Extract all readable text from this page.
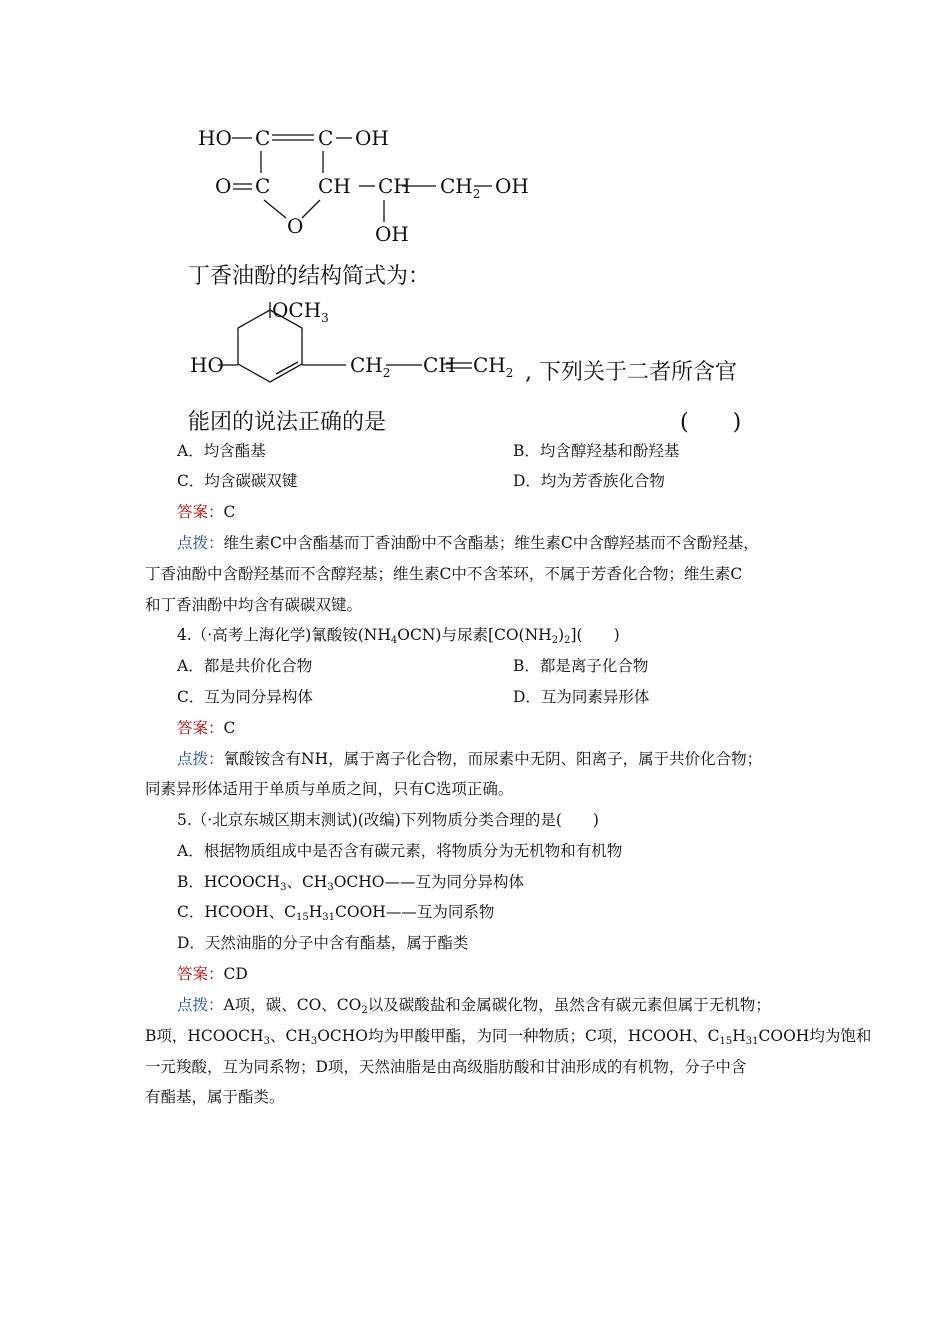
HO C C OH
O C CH CH $CH_2$ OH
O	OH
丁香油酚的结构简式为：
$OCH_3$
HO	$CH_2$ CH $CH_2$ , 下列关于二者所含官
能团的说法正确的是	(　　)
A．均含酯基	B．均含醇羟基和酚羟基
C．均含碳碳双键	D．均为芳香族化合物
答案：C
点拨：维生素C中含酯基而丁香油酚中不含酯基；维生素C中含醇羟基而不含酚羟基，
丁香油酚中含酚羟基而不含醇羟基；维生素C中不含苯环，不属于芳香化合物；维生素C
和丁香油酚中均含有碳碳双键。
4.（·高考上海化学)氰酸铵$(NH_4OCN)$与尿素$[CO(NH_2)_2]$(　　)
A．都是共价化合物	B．都是离子化合物
C．互为同分异构体	D．互为同素异形体
答案：C
点拨：氰酸铵含有NH，属于离子化合物，而尿素中无阴、阳离子，属于共价化合物；
同素异形体适用于单质与单质之间，只有C选项正确。
5.（·北京东城区期末测试)(改编)下列物质分类合理的是(　　)
A．根据物质组成中是否含有碳元素，将物质分为无机物和有机物
B．$HCOOCH_3$、$CH_3OCHO——$互为同分异构体
C．HCOOH、$C_{15}H_{31}COOH——$互为同系物
D．天然油脂的分子中含有酯基，属于酯类
答案：CD
点拨：A项，碳、CO、$CO_2$以及碳酸盐和金属碳化物，虽然含有碳元素但属于无机物；
B项，$HCOOCH_3$、$CH_3OCHO$均为甲酸甲酯，为同一种物质；C项，HCOOH、$C_{15}H_{31}COOH$均为饱和
一元羧酸，互为同系物；D项，天然油脂是由高级脂肪酸和甘油形成的有机物，分子中含
有酯基，属于酯类。
